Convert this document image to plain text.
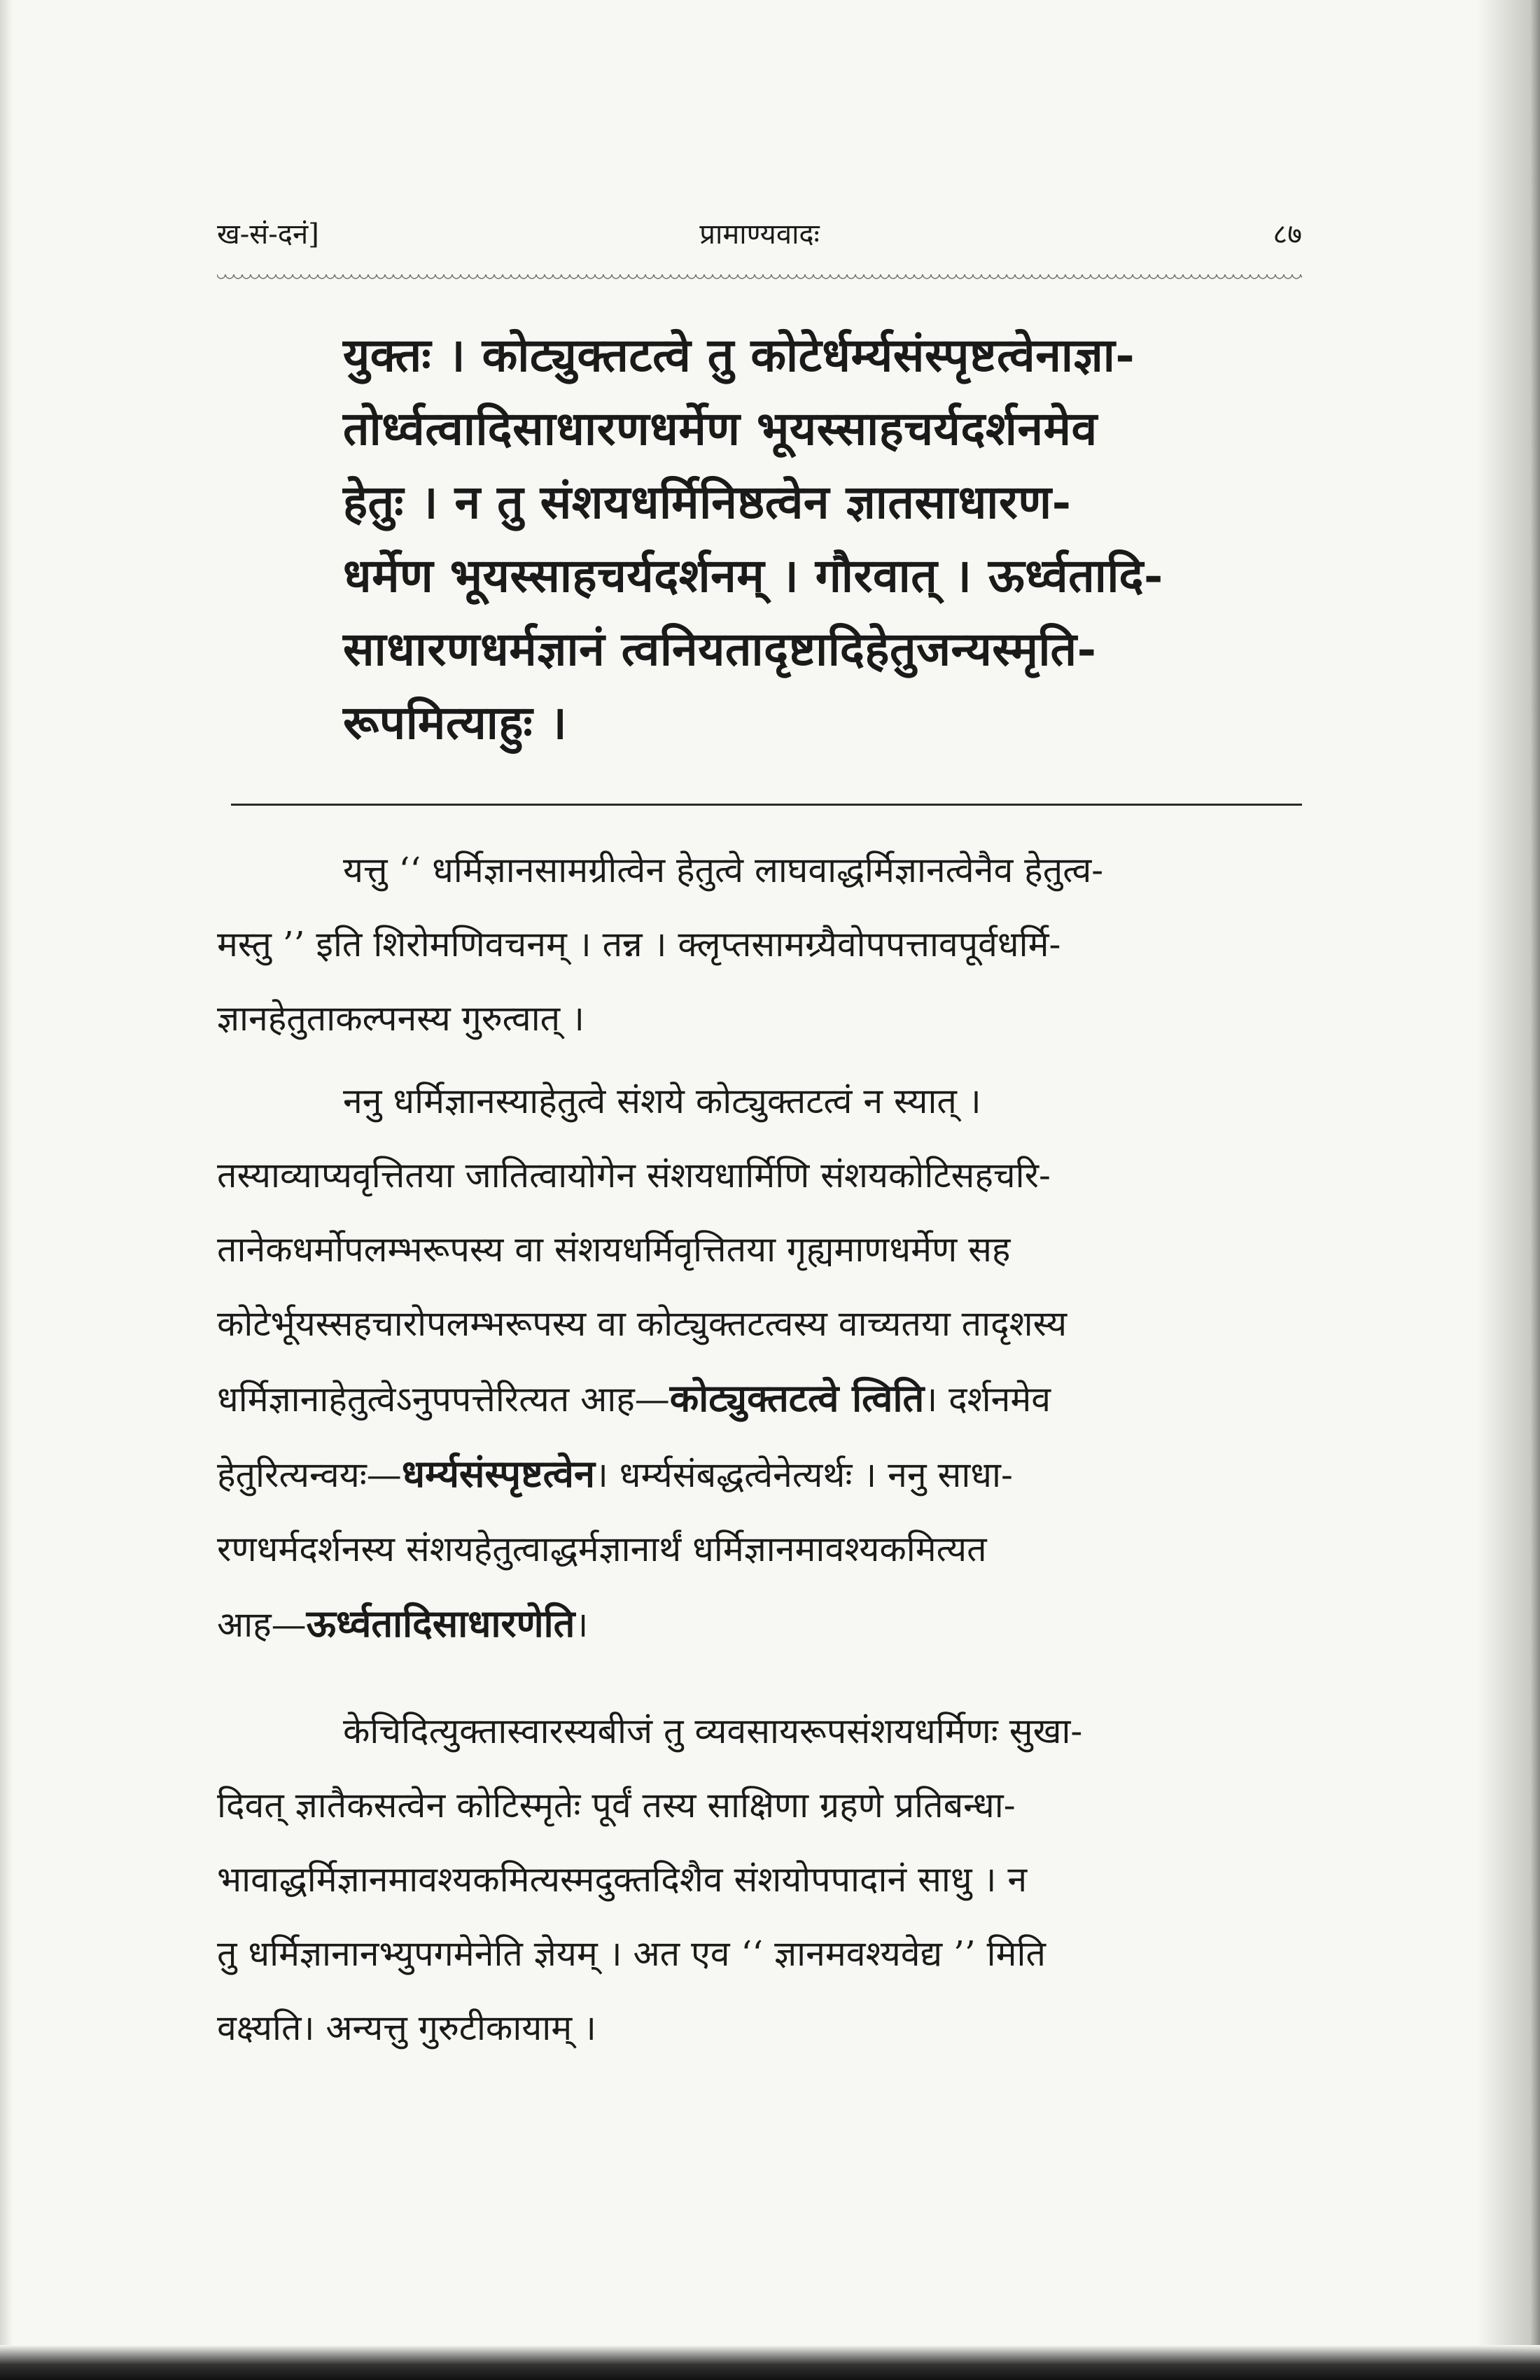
ख-सं-दनं]	प्रामाण्यवादः	८७
युक्तः । कोट्युक्तटत्वे तु कोटेर्धर्म्यसंस्पृष्टत्वेनाज्ञा-
तोर्ध्वत्वादिसाधारणधर्मेण भूयस्साहचर्यदर्शनमेव
हेतुः । न तु संशयधर्मिनिष्ठत्वेन ज्ञातसाधारण-
धर्मेण भूयस्साहचर्यदर्शनम् । गौरवात् । ऊर्ध्वतादि-
साधारणधर्मज्ञानं त्वनियतादृष्टादिहेतुजन्यस्मृति-
रूपमित्याहुः ।
यत्तु ‘‘ धर्मिज्ञानसामग्रीत्वेन हेतुत्वे लाघवाद्धर्मिज्ञानत्वेनैव हेतुत्व-
मस्तु ’’ इति शिरोमणिवचनम् । तन्न । क्लृप्तसामग्र्यैवोपपत्तावपूर्वधर्मि-
ज्ञानहेतुताकल्पनस्य गुरुत्वात् ।
ननु धर्मिज्ञानस्याहेतुत्वे संशये कोट्युक्तटत्वं न स्यात् ।
तस्याव्याप्यवृत्तितया जातित्वायोगेन संशयधार्मिणि संशयकोटिसहचरि-
तानेकधर्मोपलम्भरूपस्य वा संशयधर्मिवृत्तितया गृह्यमाणधर्मेण सह
कोटेर्भूयस्सहचारोपलम्भरूपस्य वा कोट्युक्तटत्वस्य वाच्यतया तादृशस्य
धर्मिज्ञानाहेतुत्वेऽनुपपत्तेरित्यत आह—कोट्युक्तटत्वे त्विति। दर्शनमेव
हेतुरित्यन्वयः—धर्म्यसंस्पृष्टत्वेन। धर्म्यसंबद्धत्वेनेत्यर्थः । ननु साधा-
रणधर्मदर्शनस्य संशयहेतुत्वाद्धर्मज्ञानार्थं धर्मिज्ञानमावश्यकमित्यत
आह—ऊर्ध्वतादिसाधारणेति।
केचिदित्युक्तास्वारस्यबीजं तु व्यवसायरूपसंशयधर्मिणः सुखा-
दिवत् ज्ञातैकसत्वेन कोटिस्मृतेः पूर्वं तस्य साक्षिणा ग्रहणे प्रतिबन्धा-
भावाद्धर्मिज्ञानमावश्यकमित्यस्मदुक्तदिशैव संशयोपपादानं साधु । न
तु धर्मिज्ञानानभ्युपगमेनेति ज्ञेयम् । अत एव ‘‘ ज्ञानमवश्यवेद्य ’’ मिति
वक्ष्यति। अन्यत्तु गुरुटीकायाम् ।
